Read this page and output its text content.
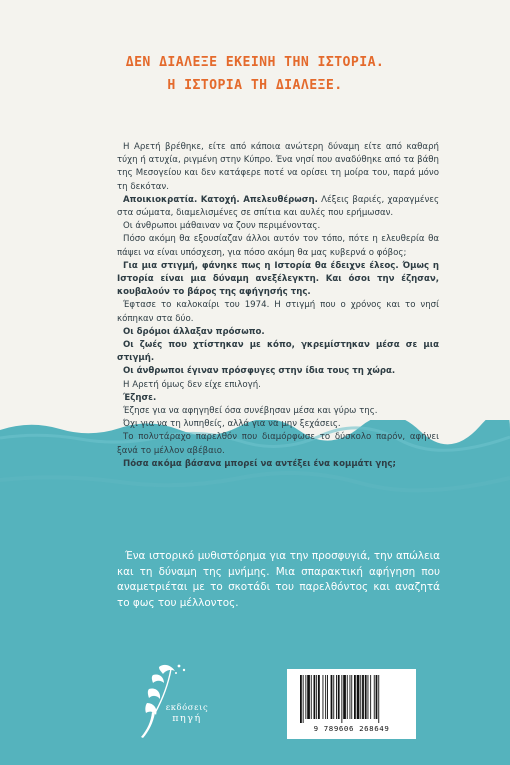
ΔΕΝ ΔΙΑΛΕΞΕ ΕΚΕΙΝΗ ΤΗΝ ΙΣΤΟΡΙΑ.
Η ΙΣΤΟΡΙΑ ΤΗ ΔΙΑΛΕΞΕ.

Η Αρετή βρέθηκε, είτε από κάποια ανώτερη δύναμη είτε από καθαρή τύχη ή ατυχία, ριγμένη στην Κύπρο. Ένα νησί που αναδύθηκε από τα βάθη της Μεσογείου και δεν κατάφερε ποτέ να ορίσει τη μοίρα του, παρά μόνο τη δεκόταν.

Αποικιοκρατία. Κατοχή. Απελευθέρωση. Λέξεις βαριές, χαραγμένες στα σώματα, διαμελισμένες σε σπίτια και αυλές που ερήμωσαν.

Οι άνθρωποι μάθαιναν να ζουν περιμένοντας.

Πόσο ακόμη θα εξουσίαζαν άλλοι αυτόν τον τόπο, πότε η ελευθερία θα πάψει να είναι υπόσχεση, για πόσο ακόμη θα μας κυβερνά ο φόβος;

Για μια στιγμή, φάνηκε πως η Ιστορία θα έδειχνε έλεος. Όμως η Ιστορία είναι μια δύναμη ανεξέλεγκτη. Και όσοι την έζησαν, κουβαλούν το βάρος της αφήγησής της.

Έφτασε το καλοκαίρι του 1974. Η στιγμή που ο χρόνος και το νησί κόπηκαν στα δύο.

Οι δρόμοι άλλαξαν πρόσωπο.

Οι ζωές που χτίστηκαν με κόπο, γκρεμίστηκαν μέσα σε μια στιγμή.

Οι άνθρωποι έγιναν πρόσφυγες στην ίδια τους τη χώρα.

Η Αρετή όμως δεν είχε επιλογή.

Έζησε.

Έζησε για να αφηγηθεί όσα συνέβησαν μέσα και γύρω της.

Όχι για να τη λυπηθείς, αλλά για να μην ξεχάσεις.

Το πολυτάραχο παρελθόν που διαμόρφωσε το δύσκολο παρόν, αφήνει ξανά το μέλλον αβέβαιο.

Πόσα ακόμα βάσανα μπορεί να αντέξει ένα κομμάτι γης;

Ένα ιστορικό μυθιστόρημα για την προσφυγιά, την απώλεια και τη δύναμη της μνήμης. Μια σπαρακτική αφήγηση που αναμετριέται με το σκοτάδι του παρελθόντος και αναζητά το φως του μέλλοντος.

εκδόσεις
πηγή
9 789606 268649
